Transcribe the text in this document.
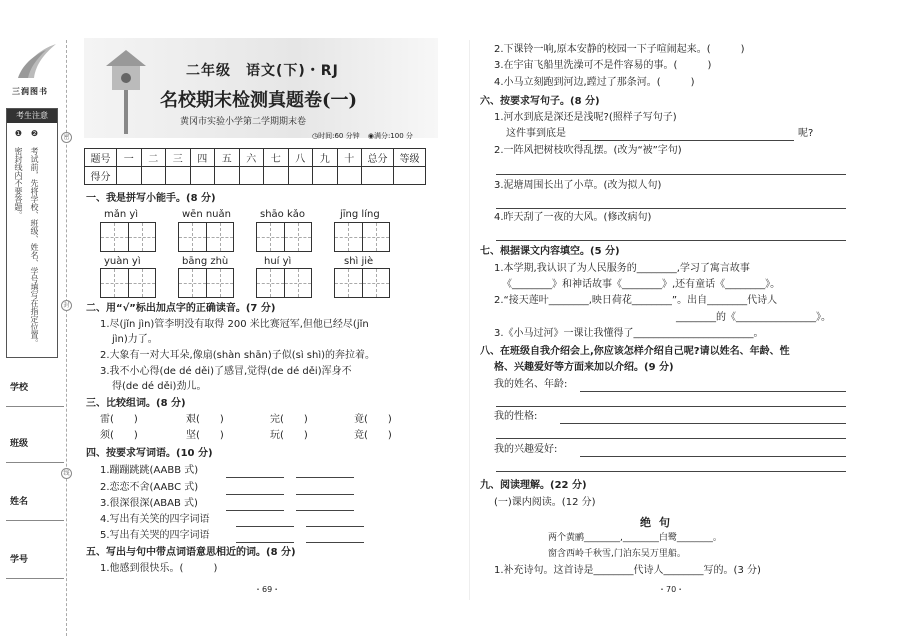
三润图书
考生注意
❶ 密封线内不要答题。 ❷ 考试前，先将学校、班级、姓名、学号填写在指定位置。
学校
班级
姓名
学号
密
封
线
二年级　语文(下)・RJ
名校期末检测真题卷(一)
黄冈市实验小学第二学期期末卷
◷时间:60 分钟 ◉满分:100 分
题号	一	二	三	四	五	六	七	八	九	十	总分	等级
得分												
一、我是拼写小能手。(8 分)
mǎn yì	wēn nuǎn	shāo kǎo	jīng líng
yuàn yì	bāng zhù	huí yì	shì jiè
二、用“√”标出加点字的正确读音。(7 分)
1.尽(jǐn jìn)管李明没有取得 200 米比赛冠军,但他已经尽(jǐn
jìn)力了。
2.大象有一对大耳朵,像扇(shàn shān)子似(sì shì)的奔拉着。
3.我不小心得(de dé děi)了感冒,觉得(de dé děi)浑身不
得(de dé děi)劲儿。
三、比较组词。(8 分)
雷(　　)	艰(　　)	完(　　)	竟(　　)
须(　　)	坚(　　)	玩(　　)	竞(　　)
四、按要求写词语。(10 分)
1.蹦蹦跳跳(AABB 式)
2.恋恋不舍(AABC 式)
3.很深很深(ABAB 式)
4.写出有关笑的四字词语
5.写出有关哭的四字词语
五、写出与句中带点词语意思相近的词。(8 分)
1.他感到很快乐。(　　　)
・69・
2.下课铃一响,原本安静的校园一下子喧闹起来。(　　　)
3.在宇宙飞船里洗澡可不是件容易的事。(　　　)
4.小马立刻跑到河边,蹚过了那条河。(　　　)
六、按要求写句子。(8 分)
1.河水到底是深还是浅呢?(照样子写句子)
这件事到底是	呢?
2.一阵风把树枝吹得乱摆。(改为“被”字句)
3.泥塘周围长出了小草。(改为拟人句)
4.昨天刮了一夜的大风。(修改病句)
七、根据课文内容填空。(5 分)
1.本学期,我认识了为人民服务的________,学习了寓言故事
《________》和神话故事《________》,还有童话《________》。
2.“接天莲叶________,映日荷花________”。出自________代诗人
________的《________________》。
3.《小马过河》一课让我懂得了________________________。
八、在班级自我介绍会上,你应该怎样介绍自己呢?请以姓名、年龄、性
格、兴趣爱好等方面来加以介绍。(9 分)
我的姓名、年龄:
我的性格:
我的兴趣爱好:
九、阅读理解。(22 分)
(一)课内阅读。(12 分)
绝句
两个黄鹂________,________白鹭________。
窗含西岭千秋雪,门泊东吴万里船。
1.补充诗句。这首诗是________代诗人________写的。(3 分)
・70・
